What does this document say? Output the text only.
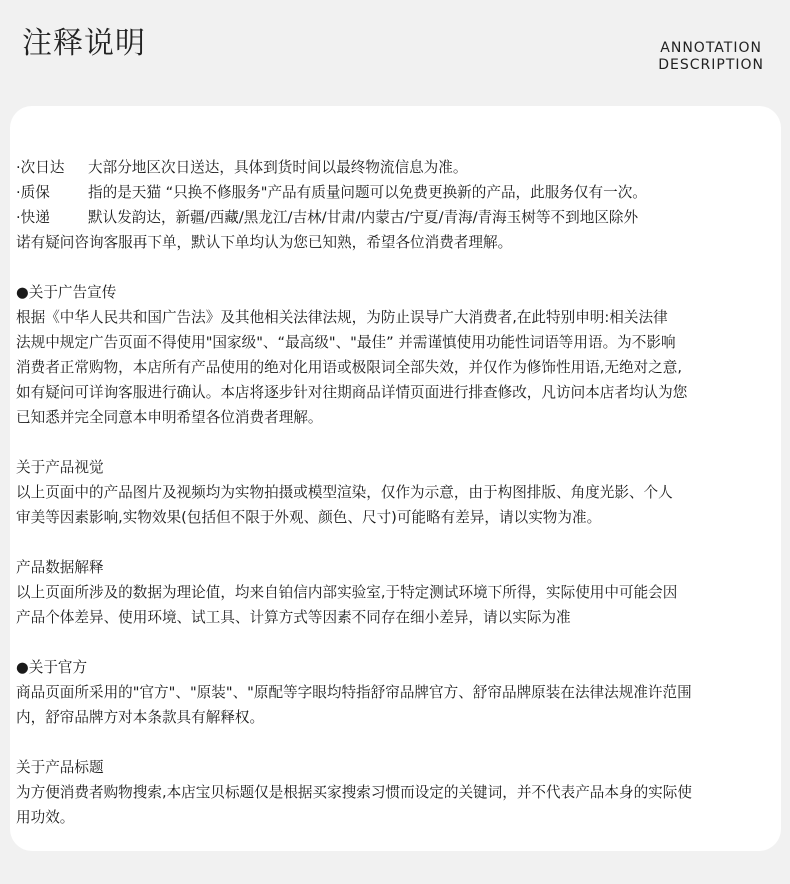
注释说明	ANNOTATION
DESCRIPTION
·次日达	大部分地区次日送达，具体到货时间以最终物流信息为准。
·质保	指的是天猫 “只换不修服务"产品有质量问题可以免费更换新的产品，此服务仅有一次。
·快递	默认发韵达，新疆/西藏/黑龙江/吉林/甘肃/内蒙古/宁夏/青海/青海玉树等不到地区除外
诺有疑问咨询客服再下单，默认下单均认为您已知熟，希望各位消费者理解。
●关于广告宣传
根据《中华人民共和国广告法》及其他相关法律法规，为防止误导广大消费者,在此特别申明:相关法律
法规中规定广告页面不得使用"国家级"、“最高级"、"最佳” 并需谨慎使用功能性词语等用语。为不影响
消费者正常购物，本店所有产品使用的绝对化用语或极限词全部失效，并仅作为修饰性用语,无绝对之意,
如有疑问可详询客服进行确认。本店将逐步针对往期商品详情页面进行排查修改，凡访问本店者均认为您
已知悉并完全同意本申明希望各位消费者理解。
关于产品视觉
以上页面中的产品图片及视频均为实物拍摄或模型渲染，仅作为示意，由于构图排版、角度光影、个人
审美等因素影响,实物效果(包括但不限于外观、颜色、尺寸)可能略有差异，请以实物为准。
产品数据解释
以上页面所涉及的数据为理论值，均来自铂信内部实验室,于特定测试环境下所得，实际使用中可能会因
产品个体差异、使用环境、试工具、计算方式等因素不同存在细小差异，请以实际为准
●关于官方
商品页面所采用的"官方"、"原装"、"原配等字眼均特指舒帘品牌官方、舒帘品牌原装在法律法规准许范围
内，舒帘品牌方对本条款具有解释权。
关于产品标题
为方便消费者购物搜索,本店宝贝标题仅是根据买家搜索习惯而设定的关键词，并不代表产品本身的实际使
用功效。
